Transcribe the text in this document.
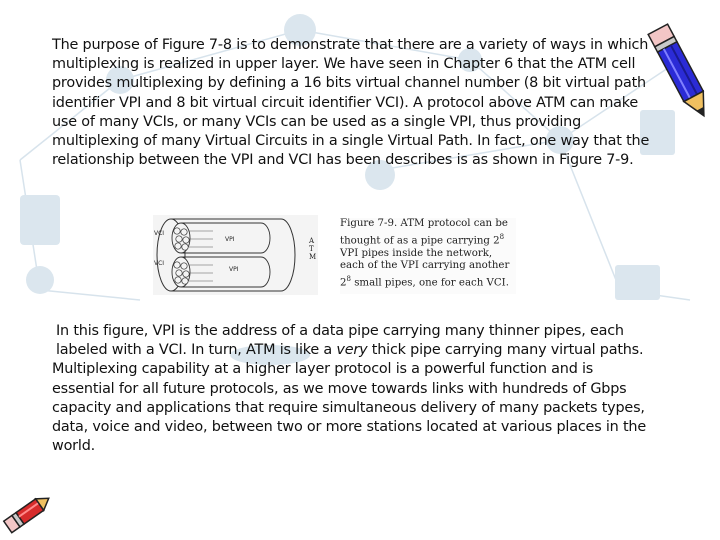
The purpose of Figure 7-8 is to demonstrate that there are a variety of ways in which multiplexing is realized in upper layer. We have seen in Chapter 6 that the ATM cell provides multiplexing by defining a 16 bits virtual channel number (8 bit virtual path identifier VPI and 8 bit virtual circuit identifier VCI). A protocol above ATM can make use of many VCIs, or many VCIs can be used as a single VPI, thus providing multiplexing of many Virtual Circuits in a single Virtual Path. In fact, one way that the relationship between the VPI and VCI has been describes is as shown in Figure 7-9.

VCI
VCI
VPI
VPI
A
T
M
Figure 7-9. ATM protocol can be thought of as a pipe carrying $2^8$ VPI pipes inside the network, each of the VPI carrying another $2^8$ small pipes, one for each VCI.

In this figure, VPI is the address of a data pipe carrying many thinner pipes, each labeled with a VCI. In turn, ATM is like a very thick pipe carrying many virtual paths.

Multiplexing capability at a higher layer protocol is a powerful function and is essential for all future protocols, as we move towards links with hundreds of Gbps capacity and applications that require simultaneous delivery of many packets types, data, voice and video, between two or more stations located at various places in the world.
